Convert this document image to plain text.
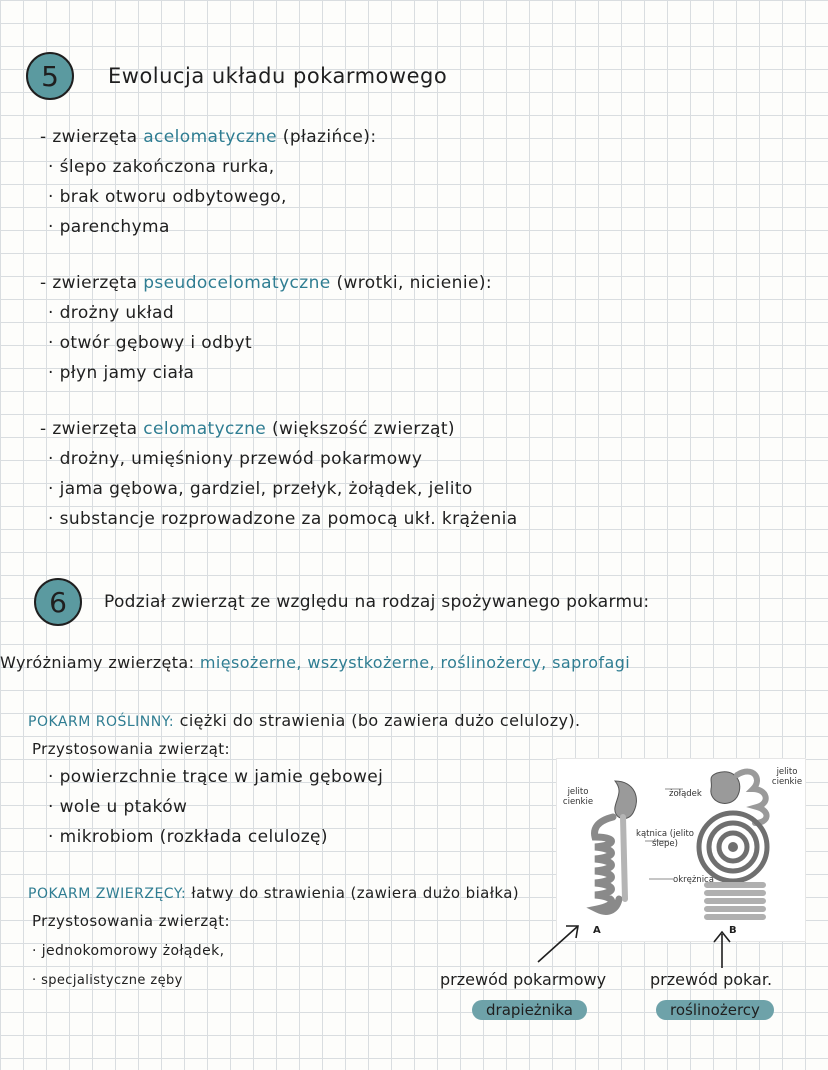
5 Ewolucja układu pokarmowego
- zwierzęta acelomatyczne (płazińce):
· ślepo zakończona rurka,
· brak otworu odbytowego,
· parenchyma
- zwierzęta pseudocelomatyczne (wrotki, nicienie):
· drożny układ
· otwór gębowy i odbyt
· płyn jamy ciała
- zwierzęta celomatyczne (większość zwierząt)
· drożny, umięśniony przewód pokarmowy
· jama gębowa, gardziel, przełyk, żołądek, jelito
· substancje rozprowadzone za pomocą ukł. krążenia
6 Podział zwierząt ze względu na rodzaj spożywanego pokarmu:
Wyróżniamy zwierzęta: mięsożerne, wszystkożerne, roślinożercy, saprofagi
POKARM ROŚLINNY: ciężki do strawienia (bo zawiera dużo celulozy).
Przystosowania zwierząt:
· powierzchnie trące w jamie gębowej
· wole u ptaków
· mikrobiom (rozkłada celulozę)
POKARM ZWIERZĘCY: łatwy do strawienia (zawiera dużo białka)
Przystosowania zwierząt:
· jednokomorowy żołądek,
· specjalistyczne zęby
jelito cienkie
żołądek
jelito cienkie
kątnica (jelito ślepe)
okrężnica
A	B
przewód pokarmowy
drapieżnika
przewód pokar.
roślinożercy
